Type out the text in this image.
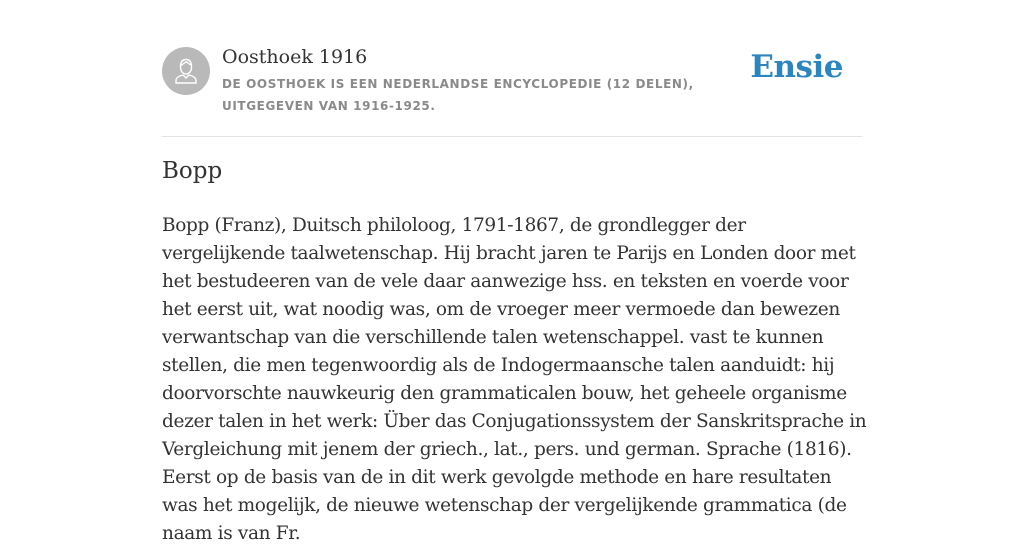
Oosthoek 1916
DE OOSTHOEK IS EEN NEDERLANDSE ENCYCLOPEDIE (12 DELEN), UITGEGEVEN VAN 1916-1925.
Ensie
Bopp

Bopp (Franz), Duitsch philoloog, 1791-1867, de grondlegger der vergelijkende taalwetenschap. Hij bracht jaren te Parijs en Londen door met het bestudeeren van de vele daar aanwezige hss. en teksten en voerde voor het eerst uit, wat noodig was, om de vroeger meer vermoede dan bewezen verwantschap van die verschillende talen wetenschappel. vast te kunnen stellen, die men tegenwoordig als de Indogermaansche talen aanduidt: hij doorvorschte nauwkeurig den grammaticalen bouw, het geheele organisme dezer talen in het werk: Über das Conjugationssystem der Sanskritsprache in Vergleichung mit jenem der griech., lat., pers. und german. Sprache (1816). Eerst op de basis van de in dit werk gevolgde methode en hare resultaten was het mogelijk, de nieuwe wetenschap der vergelijkende grammatica (de naam is van Fr.
